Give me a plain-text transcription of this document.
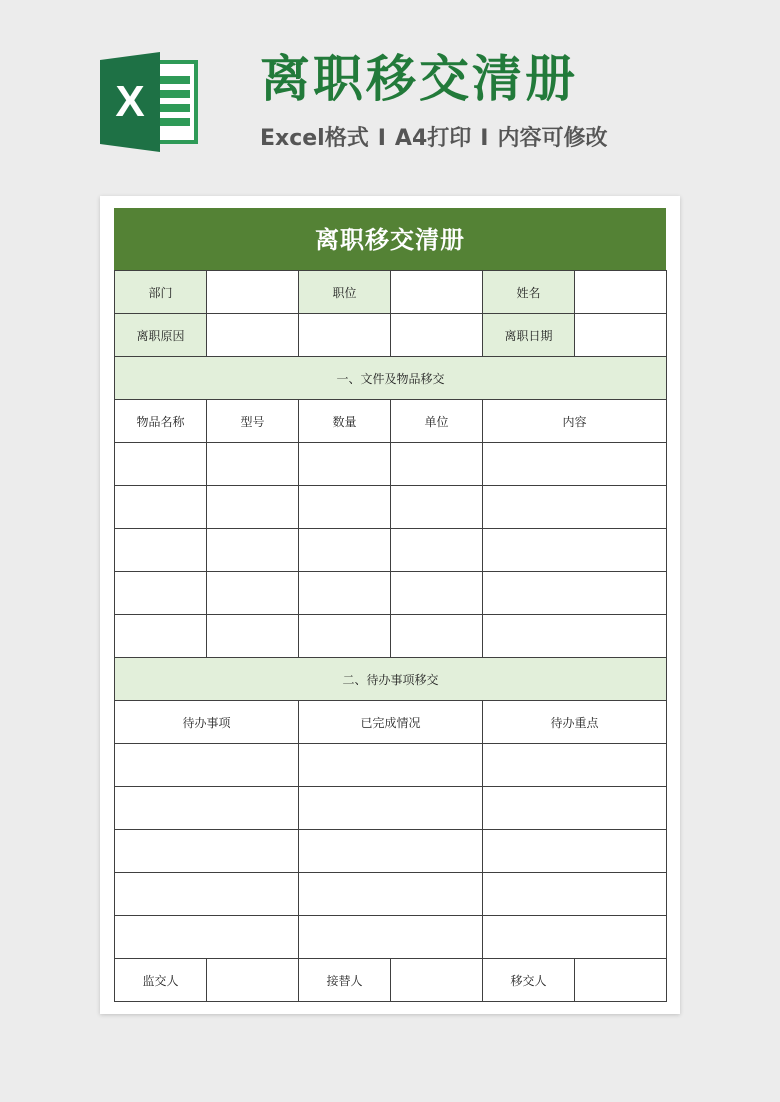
X 离职移交清册
Excel格式 I A4打印 I 内容可修改
离职移交清册
部门		职位		姓名	
离职原因				离职日期	
一、文件及物品移交					
物品名称	型号	数量	单位	内容	

二、待办事项移交					
待办事项		已完成情况		待办重点	

监交人		接替人		移交人	
